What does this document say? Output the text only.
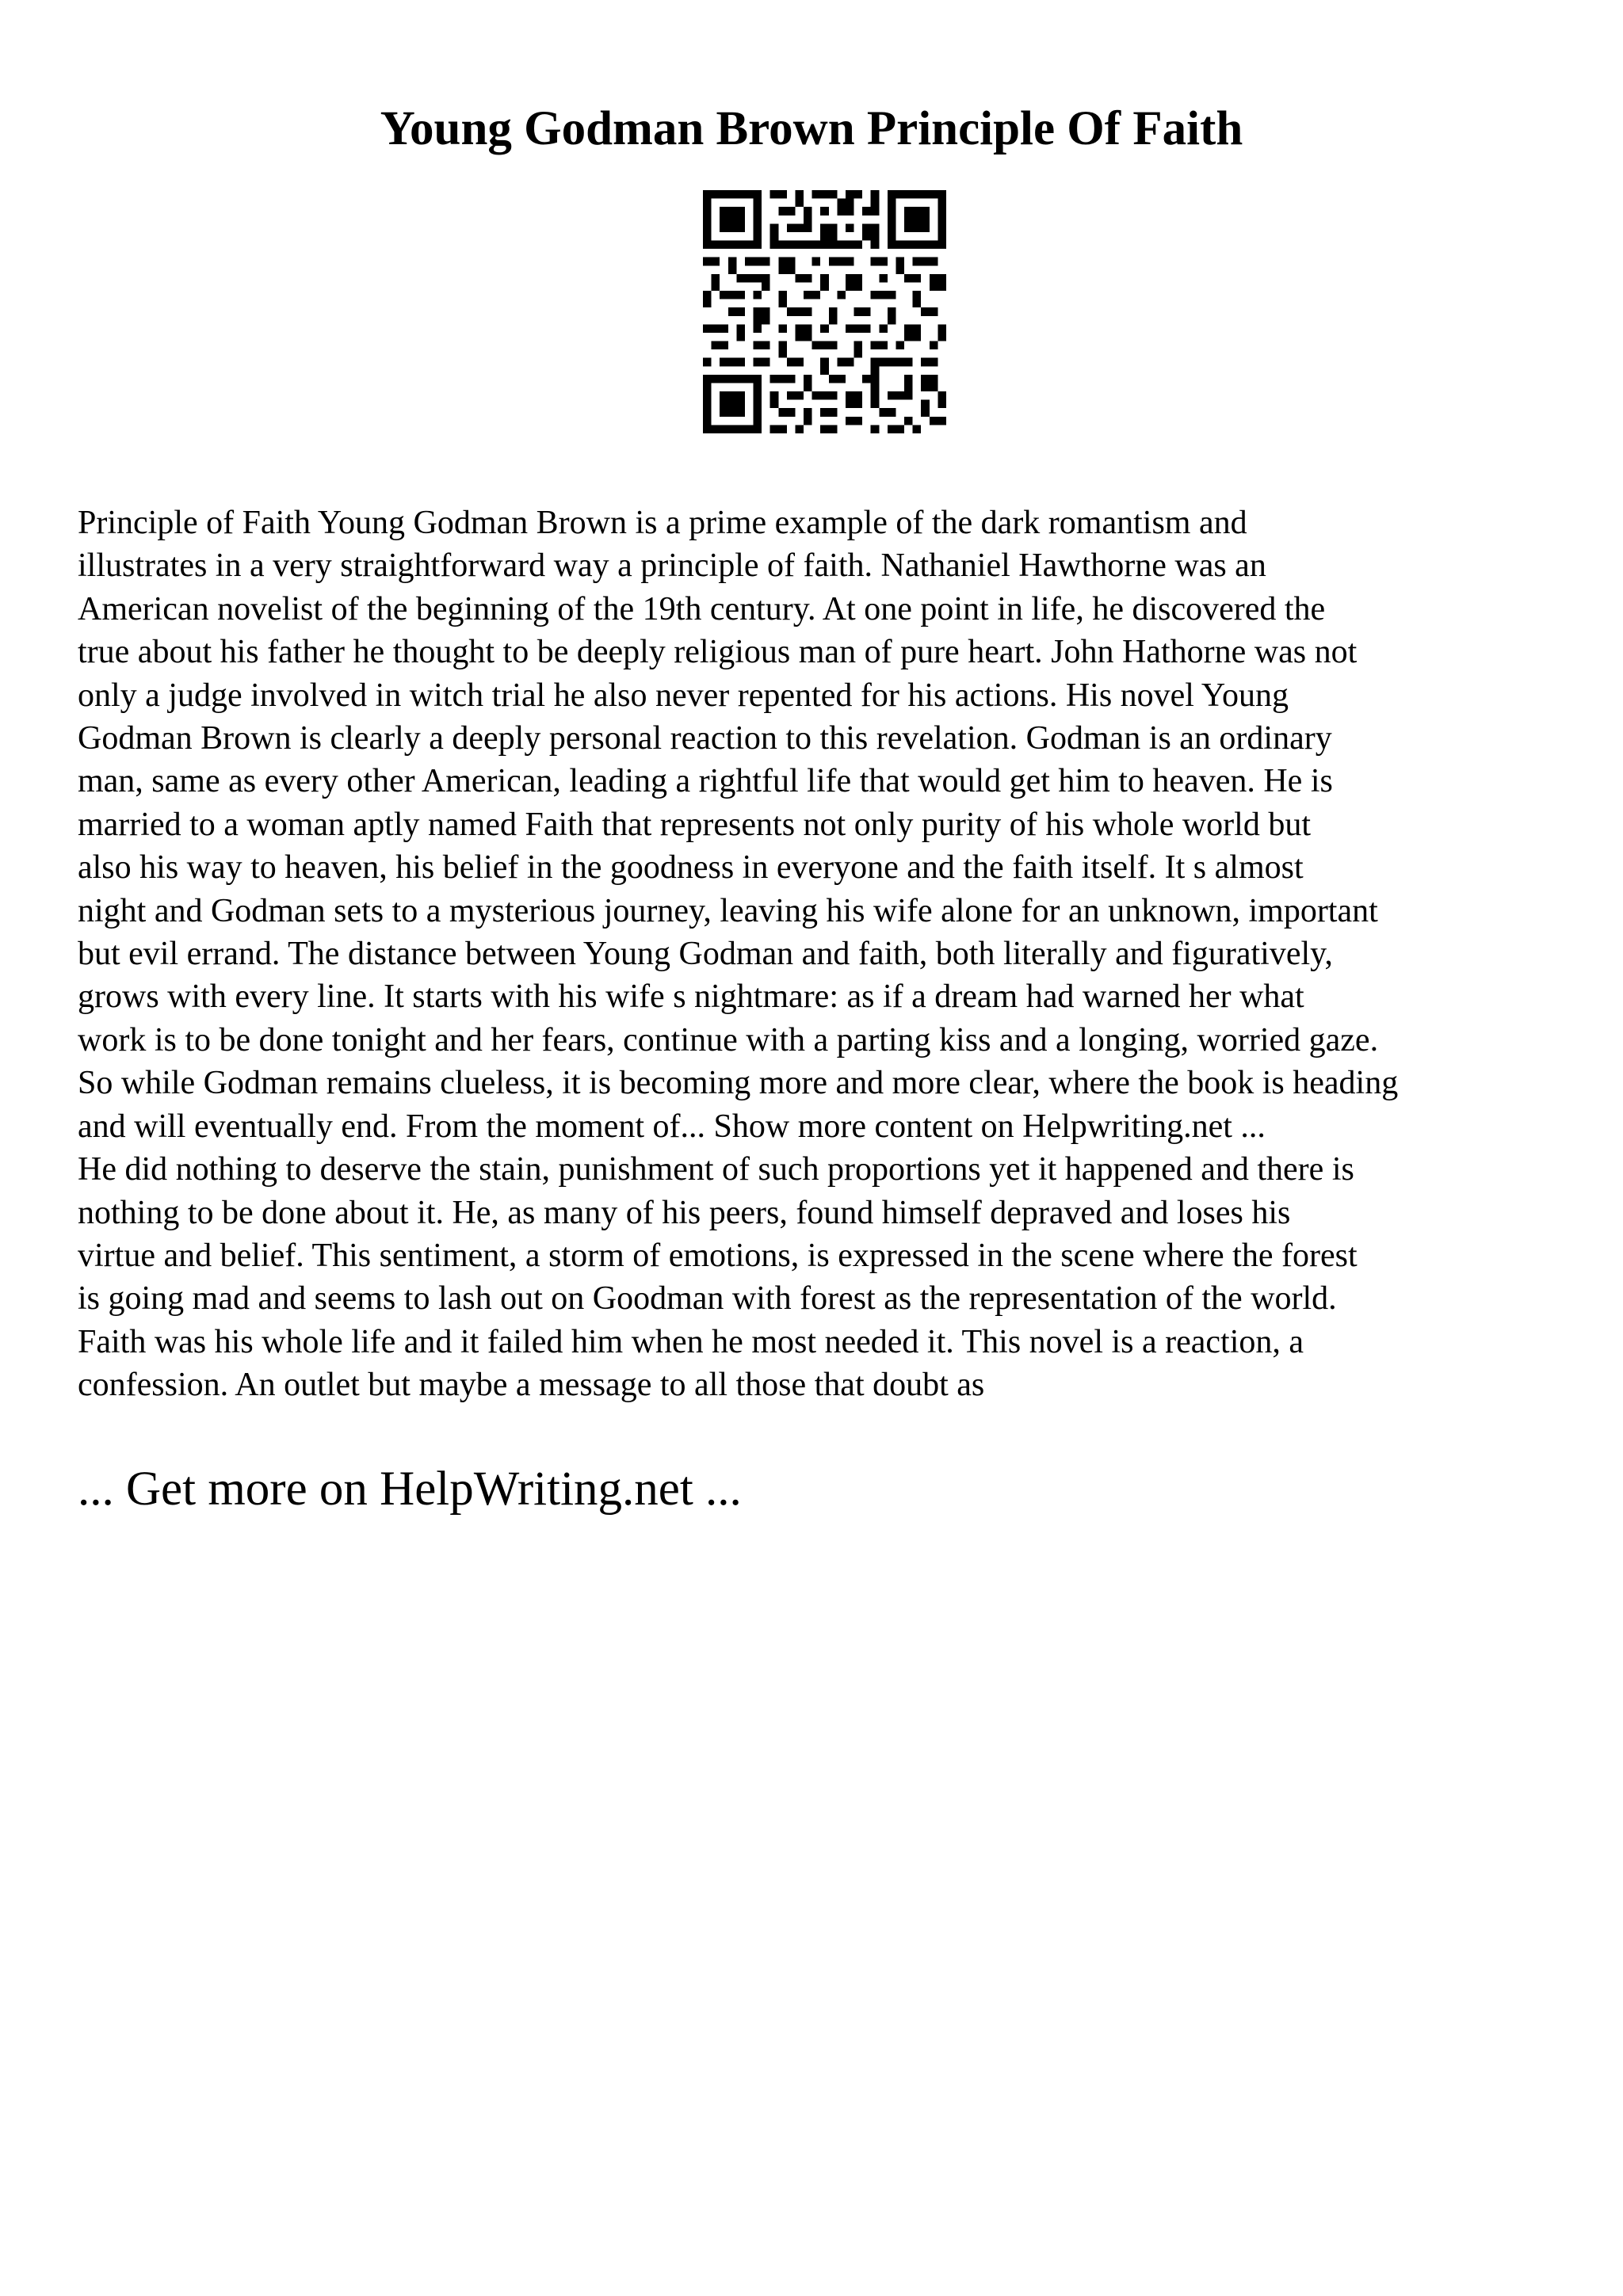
Young Godman Brown Principle Of Faith
Principle of Faith Young Godman Brown is a prime example of the dark romantism and
illustrates in a very straightforward way a principle of faith. Nathaniel Hawthorne was an
American novelist of the beginning of the 19th century. At one point in life, he discovered the
true about his father he thought to be deeply religious man of pure heart. John Hathorne was not
only a judge involved in witch trial he also never repented for his actions. His novel Young
Godman Brown is clearly a deeply personal reaction to this revelation. Godman is an ordinary
man, same as every other American, leading a rightful life that would get him to heaven. He is
married to a woman aptly named Faith that represents not only purity of his whole world but
also his way to heaven, his belief in the goodness in everyone and the faith itself. It s almost
night and Godman sets to a mysterious journey, leaving his wife alone for an unknown, important
but evil errand. The distance between Young Godman and faith, both literally and figuratively,
grows with every line. It starts with his wife s nightmare: as if a dream had warned her what
work is to be done tonight and her fears, continue with a parting kiss and a longing, worried gaze.
So while Godman remains clueless, it is becoming more and more clear, where the book is heading
and will eventually end. From the moment of... Show more content on Helpwriting.net ...
He did nothing to deserve the stain, punishment of such proportions yet it happened and there is
nothing to be done about it. He, as many of his peers, found himself depraved and loses his
virtue and belief. This sentiment, a storm of emotions, is expressed in the scene where the forest
is going mad and seems to lash out on Goodman with forest as the representation of the world.
Faith was his whole life and it failed him when he most needed it. This novel is a reaction, a
confession. An outlet but maybe a message to all those that doubt as

... Get more on HelpWriting.net ...
